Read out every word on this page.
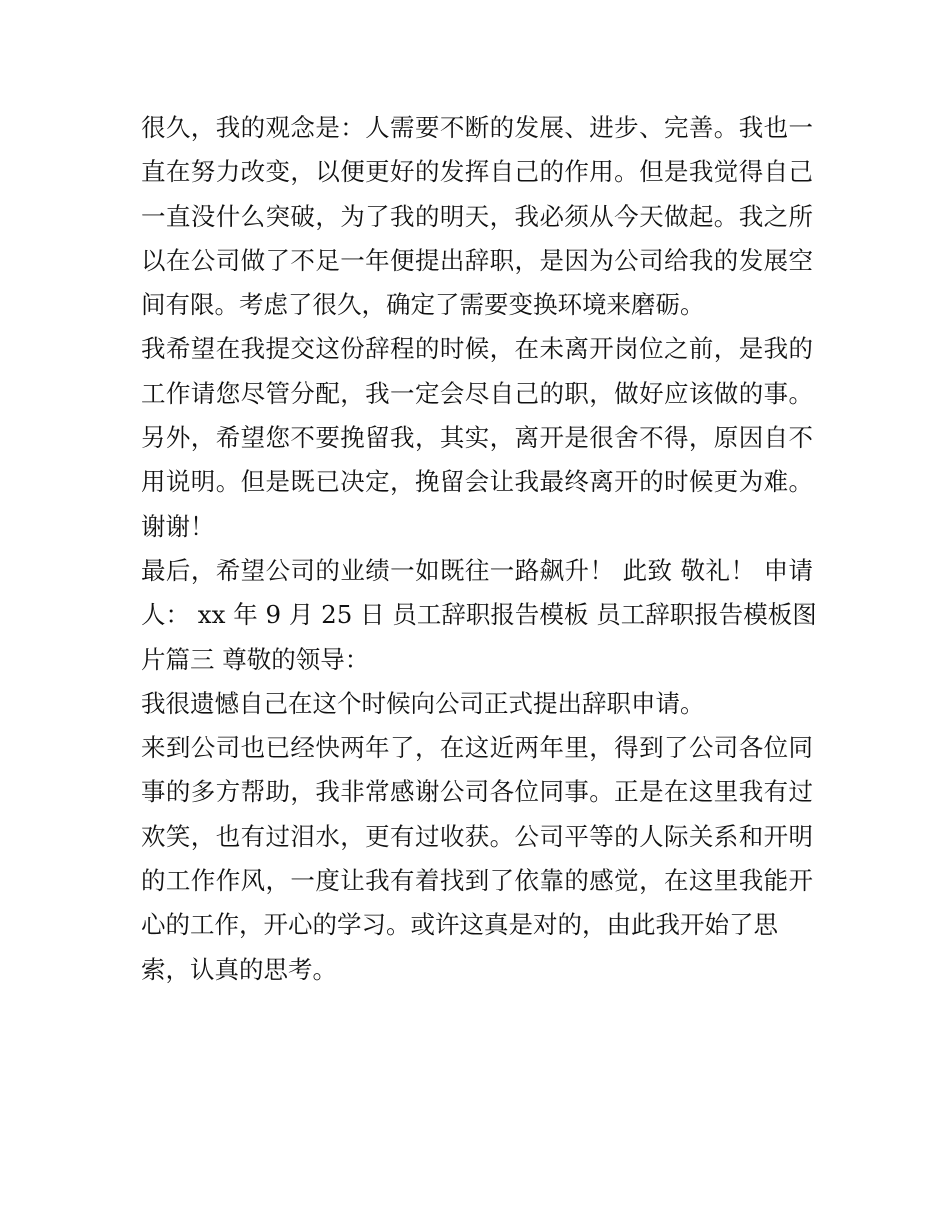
很久，我的观念是：人需要不断的发展、进步、完善。我也一
直在努力改变，以便更好的发挥自己的作用。但是我觉得自己
一直没什么突破，为了我的明天，我必须从今天做起。我之所
以在公司做了不足一年便提出辞职，是因为公司给我的发展空
间有限。考虑了很久，确定了需要变换环境来磨砺。
我希望在我提交这份辞程的时候，在未离开岗位之前，是我的
工作请您尽管分配，我一定会尽自己的职，做好应该做的事。
另外，希望您不要挽留我，其实，离开是很舍不得，原因自不
用说明。但是既已决定，挽留会让我最终离开的时候更为难。
谢谢！
最后，希望公司的业绩一如既往一路飙升！ 此致 敬礼！ 申请
人： xx 年 9 月 25 日 员工辞职报告模板 员工辞职报告模板图
片篇三 尊敬的领导：
我很遗憾自己在这个时候向公司正式提出辞职申请。
来到公司也已经快两年了，在这近两年里，得到了公司各位同
事的多方帮助，我非常感谢公司各位同事。正是在这里我有过
欢笑，也有过泪水，更有过收获。公司平等的人际关系和开明
的工作作风，一度让我有着找到了依靠的感觉，在这里我能开
心的工作，开心的学习。或许这真是对的，由此我开始了思
索，认真的思考。
